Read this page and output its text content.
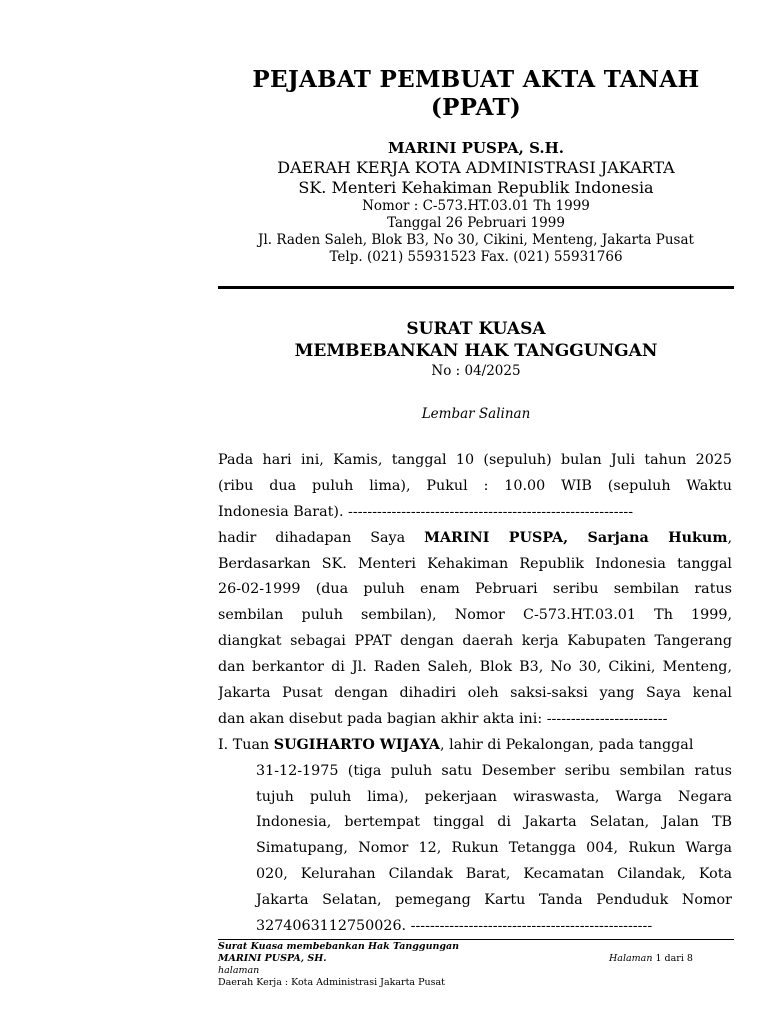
PEJABAT PEMBUAT AKTA TANAH
(PPAT)
MARINI PUSPA, S.H.
DAERAH KERJA KOTA ADMINISTRASI JAKARTA
SK. Menteri Kehakiman Republik Indonesia
Nomor : C-573.HT.03.01 Th 1999
Tanggal 26 Pebruari 1999
Jl. Raden Saleh, Blok B3, No 30, Cikini, Menteng, Jakarta Pusat
Telp. (021) 55931523 Fax. (021) 55931766
SURAT KUASA
MEMBEBANKAN HAK TANGGUNGAN
No : 04/2025
Lembar Salinan
Pada hari ini, Kamis, tanggal 10 (sepuluh) bulan Juli tahun 2025
(ribu dua puluh lima), Pukul : 10.00 WIB (sepuluh Waktu
Indonesia Barat). -----------------------------------------------------------
hadir dihadapan Saya MARINI PUSPA, Sarjana Hukum,
Berdasarkan SK. Menteri Kehakiman Republik Indonesia tanggal
26-02-1999 (dua puluh enam Pebruari seribu sembilan ratus
sembilan puluh sembilan), Nomor C-573.HT.03.01 Th 1999,
diangkat sebagai PPAT dengan daerah kerja Kabupaten Tangerang
dan berkantor di Jl. Raden Saleh, Blok B3, No 30, Cikini, Menteng,
Jakarta Pusat dengan dihadiri oleh saksi-saksi yang Saya kenal
dan akan disebut pada bagian akhir akta ini: -------------------------
I. Tuan SUGIHARTO WIJAYA, lahir di Pekalongan, pada tanggal
31-12-1975 (tiga puluh satu Desember seribu sembilan ratus
tujuh puluh lima), pekerjaan wiraswasta, Warga Negara
Indonesia, bertempat tinggal di Jakarta Selatan, Jalan TB
Simatupang, Nomor 12, Rukun Tetangga 004, Rukun Warga
020, Kelurahan Cilandak Barat, Kecamatan Cilandak, Kota
Jakarta Selatan, pemegang Kartu Tanda Penduduk Nomor
3274063112750026. --------------------------------------------------
Surat Kuasa membebankan Hak Tanggungan
MARINI PUSPA, SH.	Halaman 1 dari 8
halaman
Daerah Kerja : Kota Administrasi Jakarta Pusat
